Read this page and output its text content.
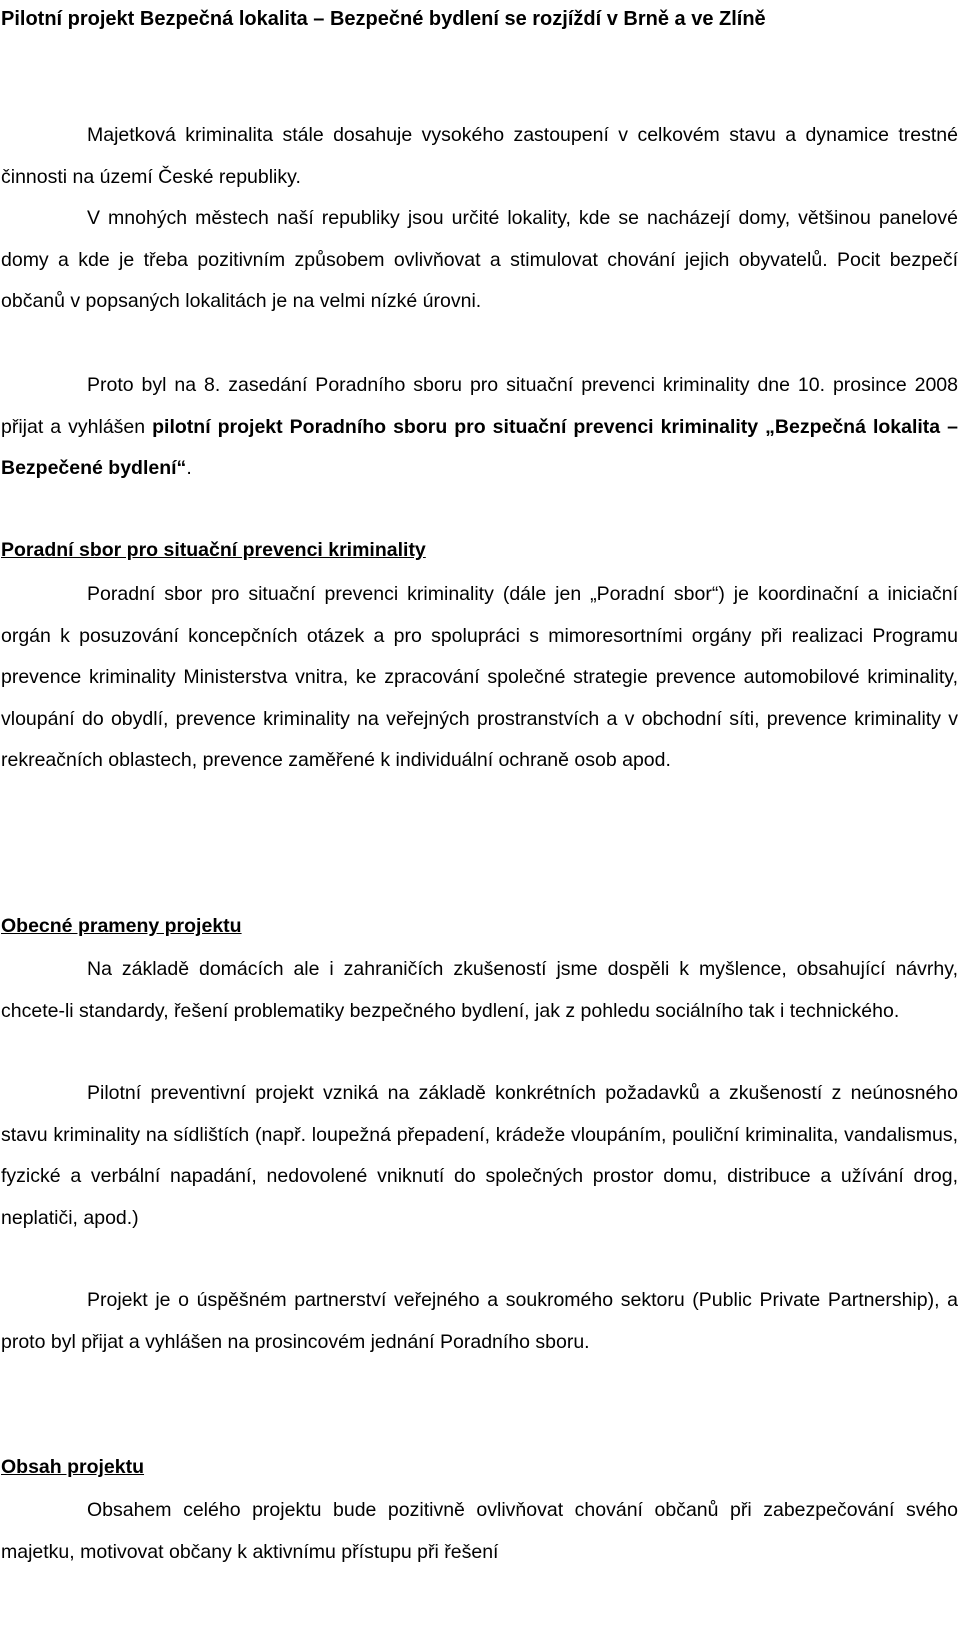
Pilotní projekt Bezpečná lokalita – Bezpečné bydlení se rozjíždí v Brně a ve Zlíně

Majetková kriminalita stále dosahuje vysokého zastoupení v celkovém stavu a dynamice trestné činnosti na území České republiky.

V mnohých městech naší republiky jsou určité lokality, kde se nacházejí domy, většinou panelové domy a kde je třeba pozitivním způsobem ovlivňovat a stimulovat chování jejich obyvatelů. Pocit bezpečí občanů v popsaných lokalitách je na velmi nízké úrovni.

Proto byl na 8. zasedání Poradního sboru pro situační prevenci kriminality dne 10. prosince 2008 přijat a vyhlášen pilotní projekt Poradního sboru pro situační prevenci kriminality „Bezpečná lokalita – Bezpečené bydlení“.

Poradní sbor pro situační prevenci kriminality

Poradní sbor pro situační prevenci kriminality (dále jen „Poradní sbor“) je koordinační a iniciační orgán k posuzování koncepčních otázek a pro spolupráci s mimoresortními orgány při realizaci Programu prevence kriminality Ministerstva vnitra, ke zpracování společné strategie prevence automobilové kriminality, vloupání do obydlí, prevence kriminality na veřejných prostranstvích a v obchodní síti, prevence kriminality v rekreačních oblastech, prevence zaměřené k individuální ochraně osob apod.

Obecné prameny projektu

Na základě domácích ale i zahraničích zkušeností jsme dospěli k myšlence, obsahující návrhy, chcete-li standardy, řešení problematiky bezpečného bydlení, jak z pohledu sociálního tak i technického.

Pilotní preventivní projekt vzniká na základě konkrétních požadavků a zkušeností z neúnosného stavu kriminality na sídlištích (např. loupežná přepadení, krádeže vloupáním, pouliční kriminalita, vandalismus, fyzické a verbální napadání, nedovolené vniknutí do společných prostor domu, distribuce a užívání drog, neplatiči, apod.)

Projekt je o úspěšném partnerství veřejného a soukromého sektoru (Public Private Partnership), a proto byl přijat a vyhlášen na prosincovém jednání Poradního sboru.

Obsah projektu

Obsahem celého projektu bude pozitivně ovlivňovat chování občanů při zabezpečování svého majetku, motivovat občany k aktivnímu přístupu při řešení
